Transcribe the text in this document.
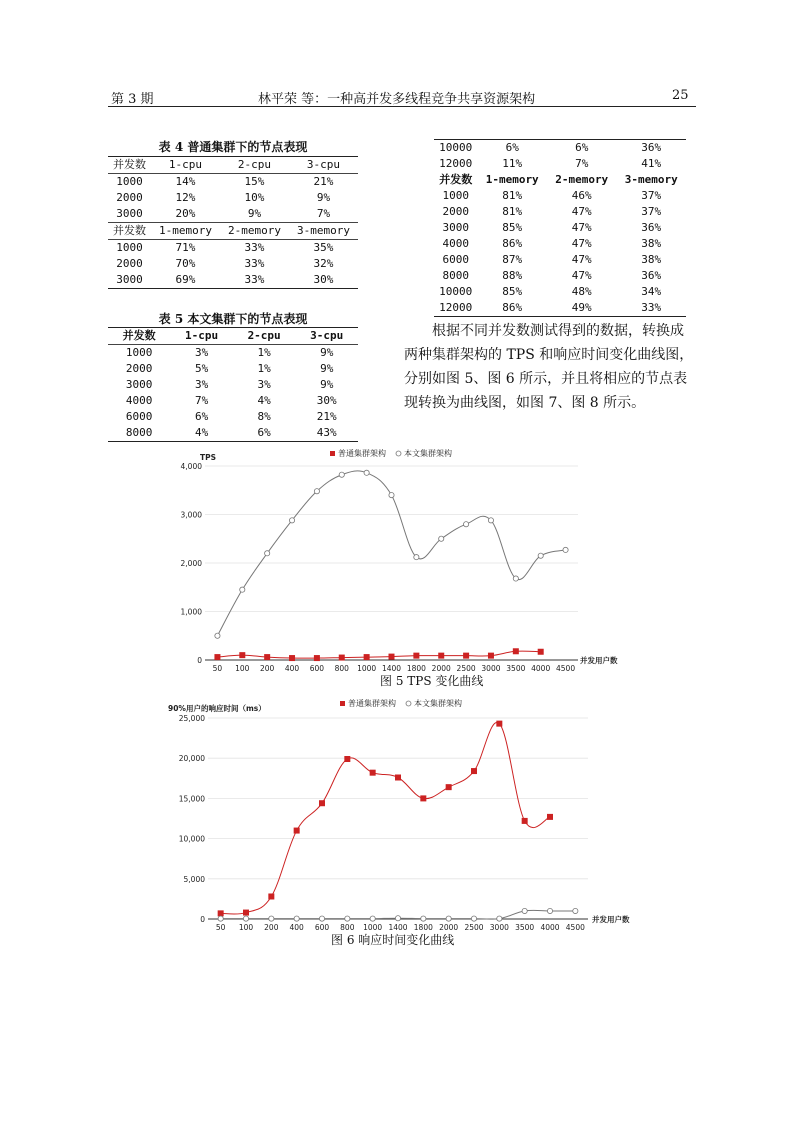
第 3 期	林平荣 等：一种高并发多线程竞争共享资源架构	25
表 4 普通集群下的节点表现
并发数	1-cpu	2-cpu	3-cpu
1000	14%	15%	21%
2000	12%	10%	9%
3000	20%	9%	7%
并发数	1-memory	2-memory	3-memory
1000	71%	33%	35%
2000	70%	33%	32%
3000	69%	33%	30%
表 5 本文集群下的节点表现
并发数	1-cpu	2-cpu	3-cpu
1000	3%	1%	9%
2000	5%	1%	9%
3000	3%	3%	9%
4000	7%	4%	30%
6000	6%	8%	21%
8000	4%	6%	43%
10000	6%	6%	36%
12000	11%	7%	41%
并发数	1-memory	2-memory	3-memory
1000	81%	46%	37%
2000	81%	47%	37%
3000	85%	47%	36%
4000	86%	47%	38%
6000	87%	47%	38%
8000	88%	47%	36%
10000	85%	48%	34%
12000	86%	49%	33%
根据不同并发数测试得到的数据，转换成
两种集群架构的 TPS 和响应时间变化曲线图，
分别如图 5、图 6 所示，并且将相应的节点表
现转换为曲线图，如图 7、图 8 所示。
0
1,000
2,000
3,000
4,000
50 100 200 400 600 800 1000 1400 1800 2000 2500 3000 3500 4000 4500
TPS
并发用户数
普通集群架构 本文集群架构
图 5 TPS 变化曲线
0
5,000
10,000
15,000
20,000
25,000
50 100 200 400 600 800 1000 1400 1800 2000 2500 3000 3500 4000 4500
90%用户的响应时间（ms）
并发用户数
普通集群架构 本文集群架构
图 6 响应时间变化曲线
